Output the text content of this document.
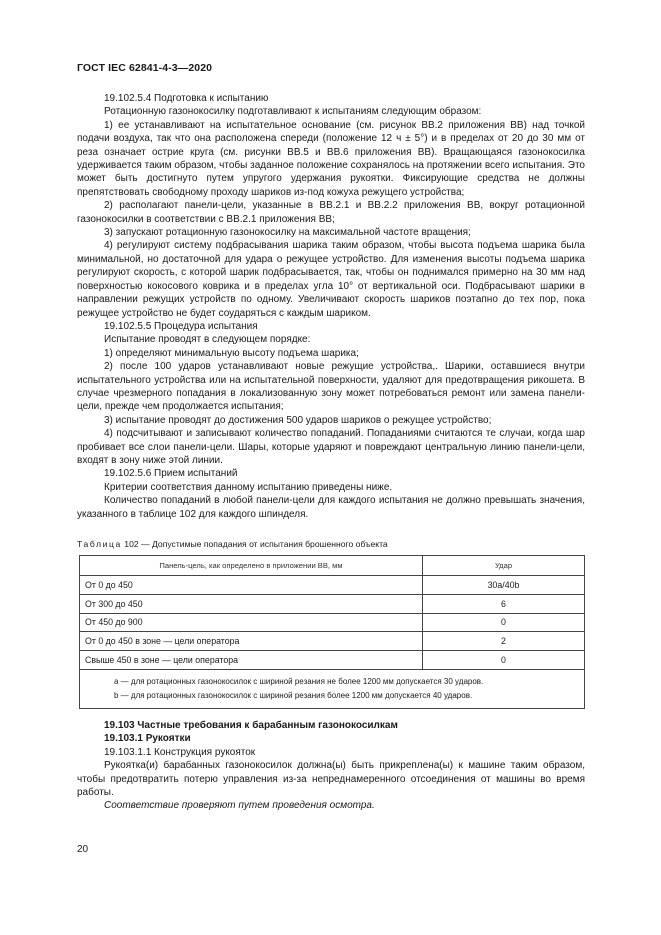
ГОСТ IEC 62841-4-3—2020

19.102.5.4 Подготовка к испытанию

Ротационную газонокосилку подготавливают к испытаниям следующим образом:

1) ее устанавливают на испытательное основание (см. рисунок ВВ.2 приложения ВВ) над точкой подачи воздуха, так что она расположена спереди (положение 12 ч ± 5°) и в пределах от 20 до 30 мм от резa означает острие круга (см. рисунки ВВ.5 и ВВ.6 приложения ВВ). Вращающаяся газонокосилка удерживается таким образом, чтобы заданное положение сохранялось на протяжении всего испытания. Это может быть достигнуто путем упругого удержания рукоятки. Фиксирующие средства не должны препятствовать свободному проходу шариков из-под кожуха режущего устройства;

2) располагают панели-цели, указанные в ВВ.2.1 и ВВ.2.2 приложения ВВ, вокруг ротационной газонокосилки в соответствии с ВВ.2.1 приложения ВВ;

3) запускают ротационную газонокосилку на максимальной частоте вращения;

4) регулируют систему подбрасывания шарика таким образом, чтобы высота подъема шарика была минимальной, но достаточной для удара о режущее устройство. Для изменения высоты подъема шарика регулируют скорость, с которой шарик подбрасывается, так, чтобы он поднимался примерно на 30 мм над поверхностью кокосового коврика и в пределах угла 10° от вертикальной оси. Подбрасывают шарики в направлении режущих устройств по одному. Увеличивают скорость шариков поэтапно до тех пор, пока режущее устройство не будет соударяться с каждым шариком.

19.102.5.5 Процедура испытания

Испытание проводят в следующем порядке:

1) определяют минимальную высоту подъема шарика;

2) после 100 ударов устанавливают новые режущие устройства,. Шарики, оставшиеся внутри испытательного устройства или на испытательной поверхности, удаляют для предотвращения рикошета. В случае чрезмерного попадания в локализованную зону может потребоваться ремонт или замена панели-цели, прежде чем продолжается испытания;

3) испытание проводят до достижения 500 ударов шариков о режущее устройство;

4) подсчитывают и записывают количество попаданий. Попаданиями считаются те случаи, когда шар пробивает все слои панели-цели. Шары, которые ударяют и повреждают центральную линию панели-цели, входят в зону ниже этой линии.

19.102.5.6 Прием испытаний

Критерии соответствия данному испытанию приведены ниже.

Количество попаданий в любой панели-цели для каждого испытания не должно превышать значения, указанного в таблице 102 для каждого шпинделя.

Таблица 102 — Допустимые попадания от испытания брошенного объекта
Панель-цель, как определено в приложении ВВ, мм	Удар
От 0 до 450	30a/40b
От 300 до 450	6
От 450 до 900	0
От 0 до 450 в зоне — цели оператора	2
Свыше 450 в зоне — цели оператора	0

a — для ротационных газонокосилок с шириной резания не более 1200 мм допускается 30 ударов.
b — для ротационных газонокосилок с шириной резания более 1200 мм допускается 40 ударов.	

19.103 Частные требования к барабанным газонокосилкам

19.103.1 Рукоятки

19.103.1.1 Конструкция рукояток

Рукоятка(и) барабанных газонокосилок должна(ы) быть прикреплена(ы) к машине таким образом, чтобы предотвратить потерю управления из-за непреднамеренного отсоединения от машины во время работы.

Соответствие проверяют путем проведения осмотра.

20
